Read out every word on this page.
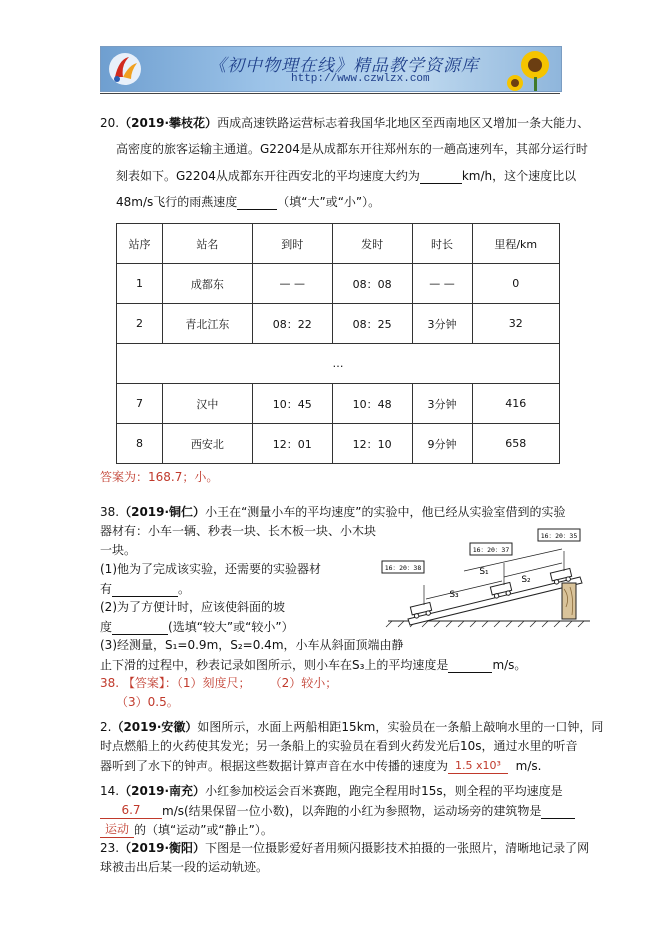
《初中物理在线》精品教学资源库
http://www.czwlzx.com
20.（2019·攀枝花）西成高速铁路运营标志着我国华北地区至西南地区又增加一条大能力、
高密度的旅客运输主通道。G2204是从成都东开往郑州东的一趟高速列车，其部分运行时
刻表如下。G2204从成都东开往西安北的平均速度大约为	km/h，这个速度比以
48m/s飞行的雨燕速度	（填“大”或“小”）。
站序	站名	到时	发时	时长	里程/km
1	成都东	— —	08：08	— —	0
2	青北江东	08：22	08：25	3分钟	32
…					
7	汉中	10：45	10：48	3分钟	416
8	西安北	12：01	12：10	9分钟	658
答案为：168.7；小。
38.（2019·铜仁）小王在“测量小车的平均速度”的实验中，他已经从实验室借到的实验
器材有：小车一辆、秒表一块、长木板一块、小木块
一块。
(1)他为了完成该实验，还需要的实验器材
有	。
(2)为了方便计时，应该使斜面的坡
度	(选填“较大”或“较小”）
(3)经测量，S₁=0.9m，S₂=0.4m，小车从斜面顶端由静
止下滑的过程中，秒表记录如图所示，则小车在S₃上的平均速度是	m/s。
38. 【答案】：（1）刻度尺； （2）较小；
（3）0.5。
16：20：38
16：20：37
16：20：35
S₁
S₂
S₃
2.（2019·安徽）如图所示，水面上两船相距15km，实验员在一条船上敲响水里的一口钟，同
时点燃船上的火药使其发光；另一条船上的实验员在看到火药发光后10s，通过水里的听音
器听到了水下的钟声。根据这些数据计算声音在水中传播的速度为 1.5 x10³ m/s.
14.（2019·南充）小红参加校运会百米赛跑，跑完全程用时15s，则全程的平均速度是
6.7 m/s(结果保留一位小数)，以奔跑的小红为参照物，运动场旁的建筑物是
运动 的（填“运动”或“静止”）。
23.（2019·衡阳）下图是一位摄影爱好者用频闪摄影技术拍摄的一张照片，清晰地记录了网
球被击出后某一段的运动轨迹。
